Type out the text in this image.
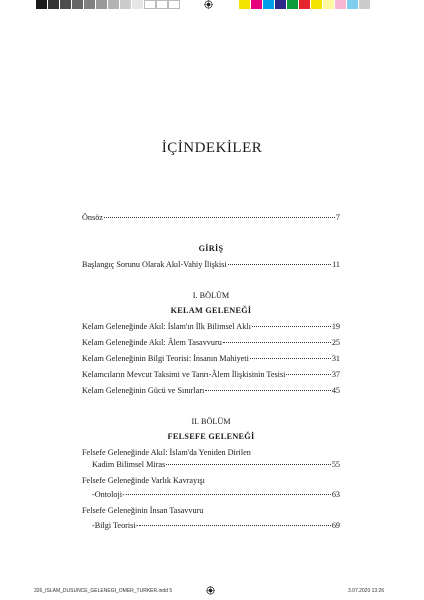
İÇİNDEKİLER
Önsöz	7
GİRİŞ
Başlangıç Sorunu Olarak Akıl-Vahiy İlişkisi	11
I. BÖLÜM
KELAM GELENEĞİ
Kelam Geleneğinde Akıl: İslam'ın İlk Bilimsel Aklı	19
Kelam Geleneğinde Akıl: Âlem Tasavvuru	25
Kelam Geleneğinin Bilgi Teorisi: İnsanın Mahiyeti	31
Kelamcıların Mevcut Taksimi ve Tanrı-Âlem İlişkisinin Tesisi	37
Kelam Geleneğinin Gücü ve Sınırları	45
II. BÖLÜM
FELSEFE GELENEĞİ
Felsefe Geleneğinde Akıl: İslam'da Yeniden Dirilen
Kadim Bilimsel Miras	55
Felsefe Geleneğinde Varlık Kavrayışı
-Ontoloji-	63
Felsefe Geleneğinin İnsan Tasavvuru
-Bilgi Teorisi-	69
326_ISLAM_DUSUNCE_GELENEGI_OMER_TURKER.indd 5	3.07.2020 13:26
